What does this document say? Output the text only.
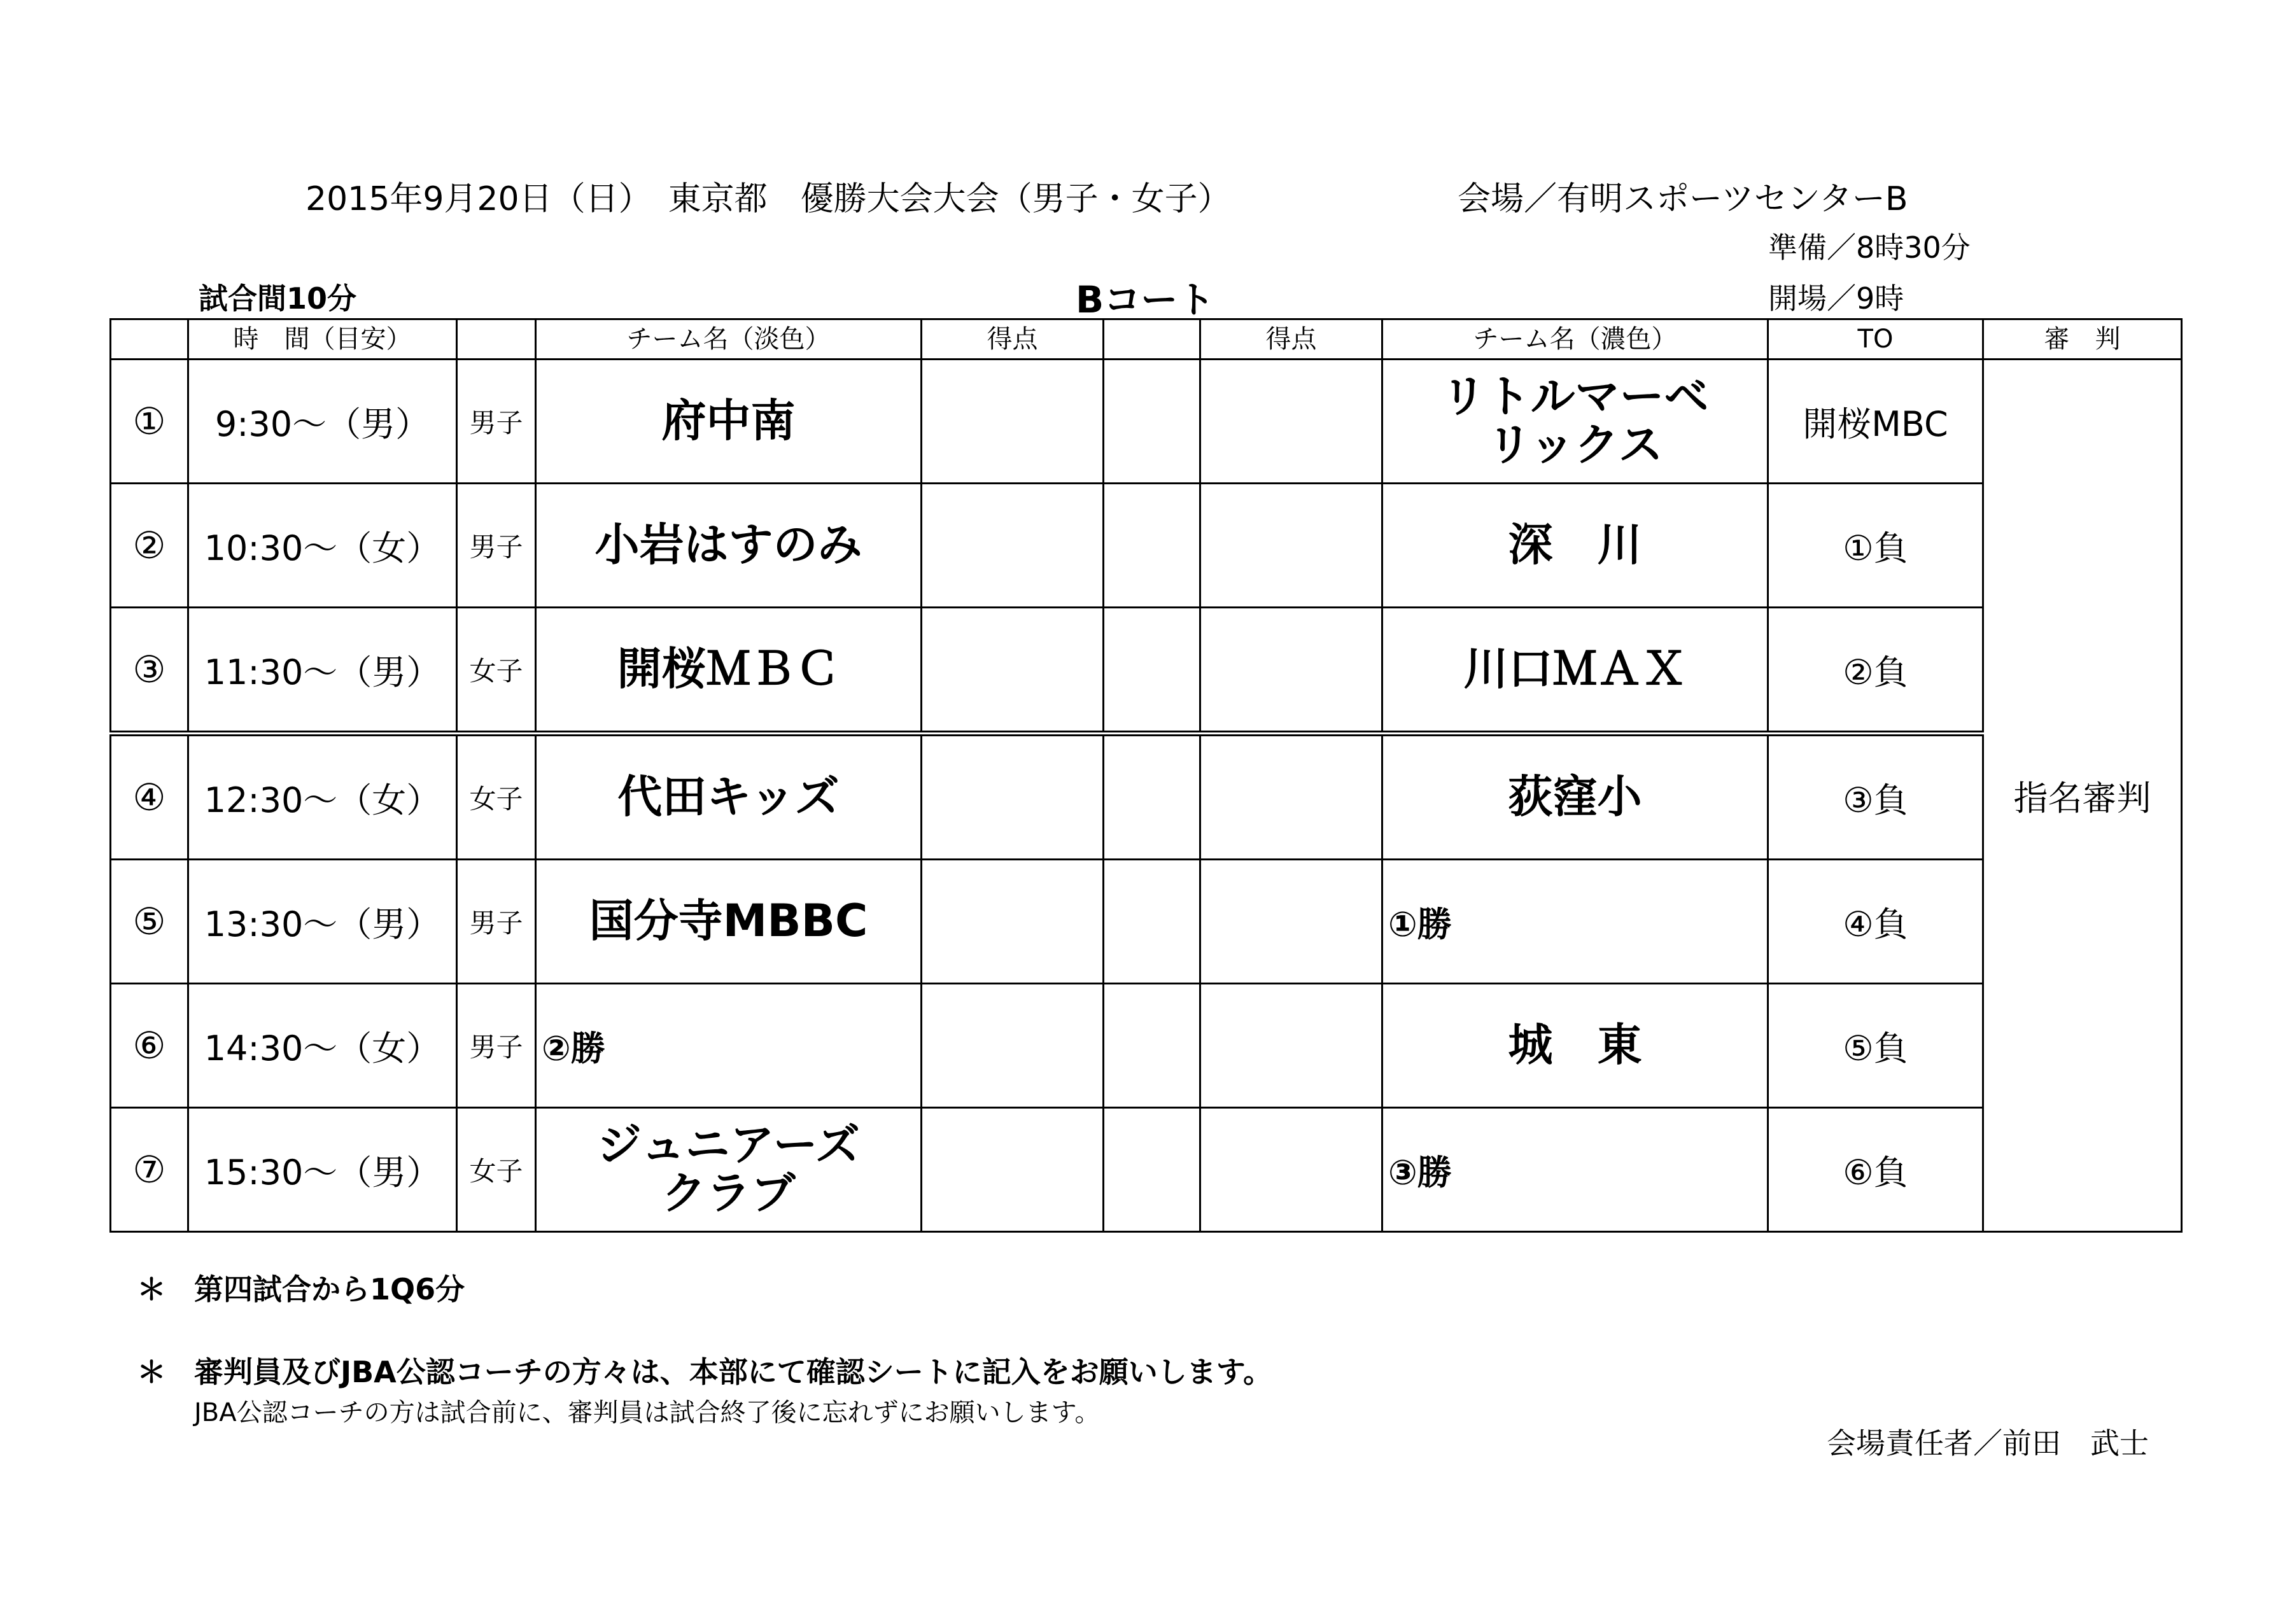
2015年9月20日（日）　東京都　優勝大会大会（男子・女子）	会場／有明スポーツセンターB
準備／8時30分
開場／9時
試合間10分	Bコート
	時　間（目安）		チーム名（淡色）	得点		得点	チーム名（濃色）	TO	審　判
①	9:30～（男）	男子	府中南				リトルマーベ
リックス	開桜MBC	指名審判
②	10:30～（女）	男子	小岩はすのみ				深　川	①負	
③	11:30～（男）	女子	開桜ＭＢＣ				川口ＭＡＸ	②負	
④	12:30～（女）	女子	代田キッズ				荻窪小	③負	
⑤	13:30～（男）	男子	国分寺MBBC				①勝	④負	
⑥	14:30～（女）	男子	②勝				城　東	⑤負	
⑦	15:30～（男）	女子	ジュニアーズ
クラブ				③勝	⑥負	
＊ 第四試合から1Q6分
＊ 審判員及びJBA公認コーチの方々は、本部にて確認シートに記入をお願いします。
JBA公認コーチの方は試合前に、審判員は試合終了後に忘れずにお願いします。
会場責任者／前田　武士
